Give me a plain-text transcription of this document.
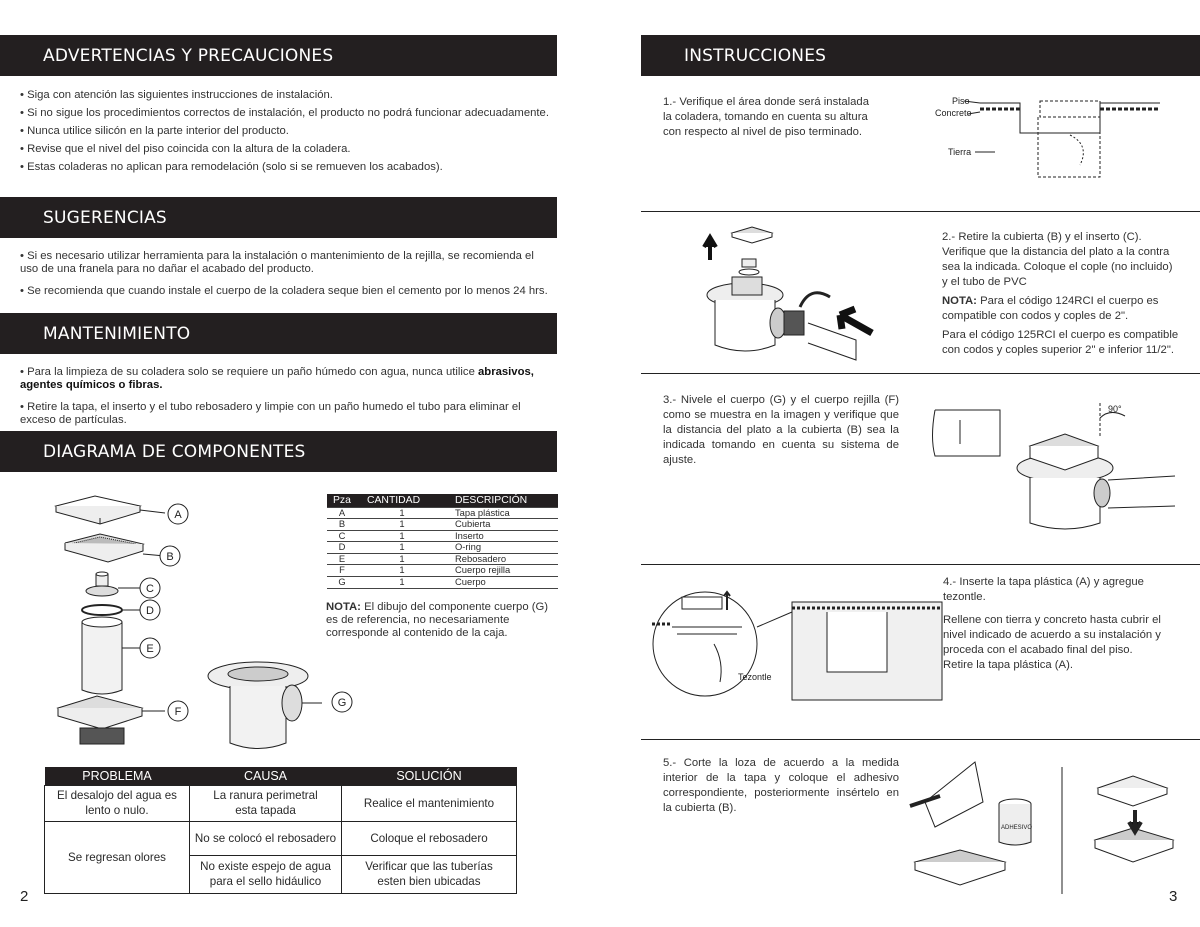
ADVERTENCIAS Y PRECAUCIONES

• Siga con atención las siguientes instrucciones de instalación.

• Si no sigue los procedimientos correctos de instalación, el producto no podrá funcionar adecuadamente.

• Nunca utilice silicón en la parte interior del producto.

• Revise que el nivel del piso coincida con la altura de la coladera.

• Estas coladeras no aplican para remodelación (solo si se remueven los acabados).

SUGERENCIAS

• Si es necesario utilizar herramienta para la instalación o mantenimiento de la rejilla, se recomienda el uso de una franela para no dañar el acabado del producto.

• Se recomienda que cuando instale el cuerpo de la coladera seque bien el cemento por lo menos 24 hrs.

MANTENIMIENTO

• Para la limpieza de su coladera solo se requiere un paño húmedo con agua, nunca utilice abrasivos, agentes químicos o fibras.

• Retire la tapa, el inserto y el tubo rebosadero y limpie con un paño humedo el tubo para eliminar el exceso de partículas.

DIAGRAMA DE COMPONENTES
A
B
C
D
E
F
G
Pza	CANTIDAD	DESCRIPCIÓN
A	1	Tapa plástica
B	1	Cubierta
C	1	Inserto
D	1	O-ring
E	1	Rebosadero
F	1	Cuerpo rejilla
G	1	Cuerpo
NOTA: El dibujo del componente cuerpo (G) es de referencia, no necesariamente corresponde al contenido de la caja.
PROBLEMA	CAUSA	SOLUCIÓN
El desalojo del agua es lento o nulo.	La ranura perimetral esta tapada	Realice el mantenimiento
Se regresan olores	No se colocó el rebosadero	Coloque el rebosadero
	No existe espejo de agua para el sello hidáulico	Verificar que las tuberías esten bien ubicadas
2
INSTRUCCIONES
1.- Verifique el área donde será instalada la coladera, tomando en cuenta su altura con respecto al nivel de piso terminado.
Piso
Concreto
Tierra

2.- Retire la cubierta (B) y el inserto (C). Verifique que la distancia del plato a la contra sea la indicada. Coloque el cople (no incluido) y el tubo de PVC

NOTA: Para el código 124RCI el cuerpo es compatible con codos y coples de 2".

Para el código 125RCI el cuerpo es compatible con codos y coples superior 2" e inferior 11/2".

3.- Nivele el cuerpo (G) y el cuerpo rejilla (F) como se muestra en la imagen y verifique que la distancia del plato a la cubierta (B) sea la indicada tomando en cuenta su sistema de ajuste.
90°
Tezontle

4.- Inserte la tapa plástica (A) y agregue tezontle.

Rellene con tierra y concreto hasta cubrir el nivel indicado de acuerdo a su instalación y proceda con el acabado final del piso.

Retire la tapa plástica (A).

5.- Corte la loza de acuerdo a la medida interior de la tapa y coloque el adhesivo correspondiente, posteriormente insértelo en la cubierta (B).
ADHESIVO
3
